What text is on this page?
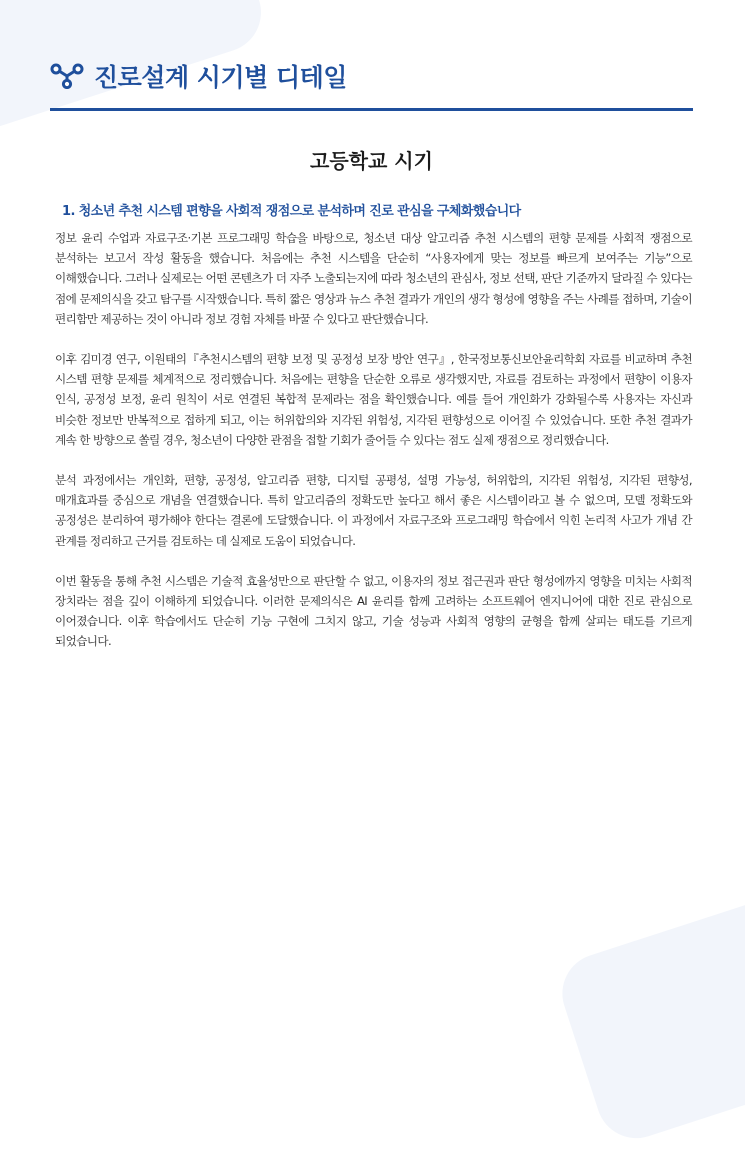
진로설계 시기별 디테일
고등학교 시기
1. 청소년 추천 시스템 편향을 사회적 쟁점으로 분석하며 진로 관심을 구체화했습니다

정보 윤리 수업과 자료구조·기본 프로그래밍 학습을 바탕으로, 청소년 대상 알고리즘 추천 시스템의 편향 문제를 사회적 쟁점으로 분석하는 보고서 작성 활동을 했습니다. 처음에는 추천 시스템을 단순히 “사용자에게 맞는 정보를 빠르게 보여주는 기능”으로 이해했습니다. 그러나 실제로는 어떤 콘텐츠가 더 자주 노출되는지에 따라 청소년의 관심사, 정보 선택, 판단 기준까지 달라질 수 있다는 점에 문제의식을 갖고 탐구를 시작했습니다. 특히 짧은 영상과 뉴스 추천 결과가 개인의 생각 형성에 영향을 주는 사례를 접하며, 기술이 편리함만 제공하는 것이 아니라 정보 경험 자체를 바꿀 수 있다고 판단했습니다.

이후 김미경 연구, 이원태의『추천시스템의 편향 보정 및 공정성 보장 방안 연구』, 한국정보통신보안윤리학회 자료를 비교하며 추천 시스템 편향 문제를 체계적으로 정리했습니다. 처음에는 편향을 단순한 오류로 생각했지만, 자료를 검토하는 과정에서 편향이 이용자 인식, 공정성 보정, 윤리 원칙이 서로 연결된 복합적 문제라는 점을 확인했습니다. 예를 들어 개인화가 강화될수록 사용자는 자신과 비슷한 정보만 반복적으로 접하게 되고, 이는 허위합의와 지각된 위험성, 지각된 편향성으로 이어질 수 있었습니다. 또한 추천 결과가 계속 한 방향으로 쏠릴 경우, 청소년이 다양한 관점을 접할 기회가 줄어들 수 있다는 점도 실제 쟁점으로 정리했습니다.

분석 과정에서는 개인화, 편향, 공정성, 알고리즘 편향, 디지털 공평성, 설명 가능성, 허위합의, 지각된 위험성, 지각된 편향성, 매개효과를 중심으로 개념을 연결했습니다. 특히 알고리즘의 정확도만 높다고 해서 좋은 시스템이라고 볼 수 없으며, 모델 정확도와 공정성은 분리하여 평가해야 한다는 결론에 도달했습니다. 이 과정에서 자료구조와 프로그래밍 학습에서 익힌 논리적 사고가 개념 간 관계를 정리하고 근거를 검토하는 데 실제로 도움이 되었습니다.

이번 활동을 통해 추천 시스템은 기술적 효율성만으로 판단할 수 없고, 이용자의 정보 접근권과 판단 형성에까지 영향을 미치는 사회적 장치라는 점을 깊이 이해하게 되었습니다. 이러한 문제의식은 AI 윤리를 함께 고려하는 소프트웨어 엔지니어에 대한 진로 관심으로 이어졌습니다. 이후 학습에서도 단순히 기능 구현에 그치지 않고, 기술 성능과 사회적 영향의 균형을 함께 살피는 태도를 기르게 되었습니다.
